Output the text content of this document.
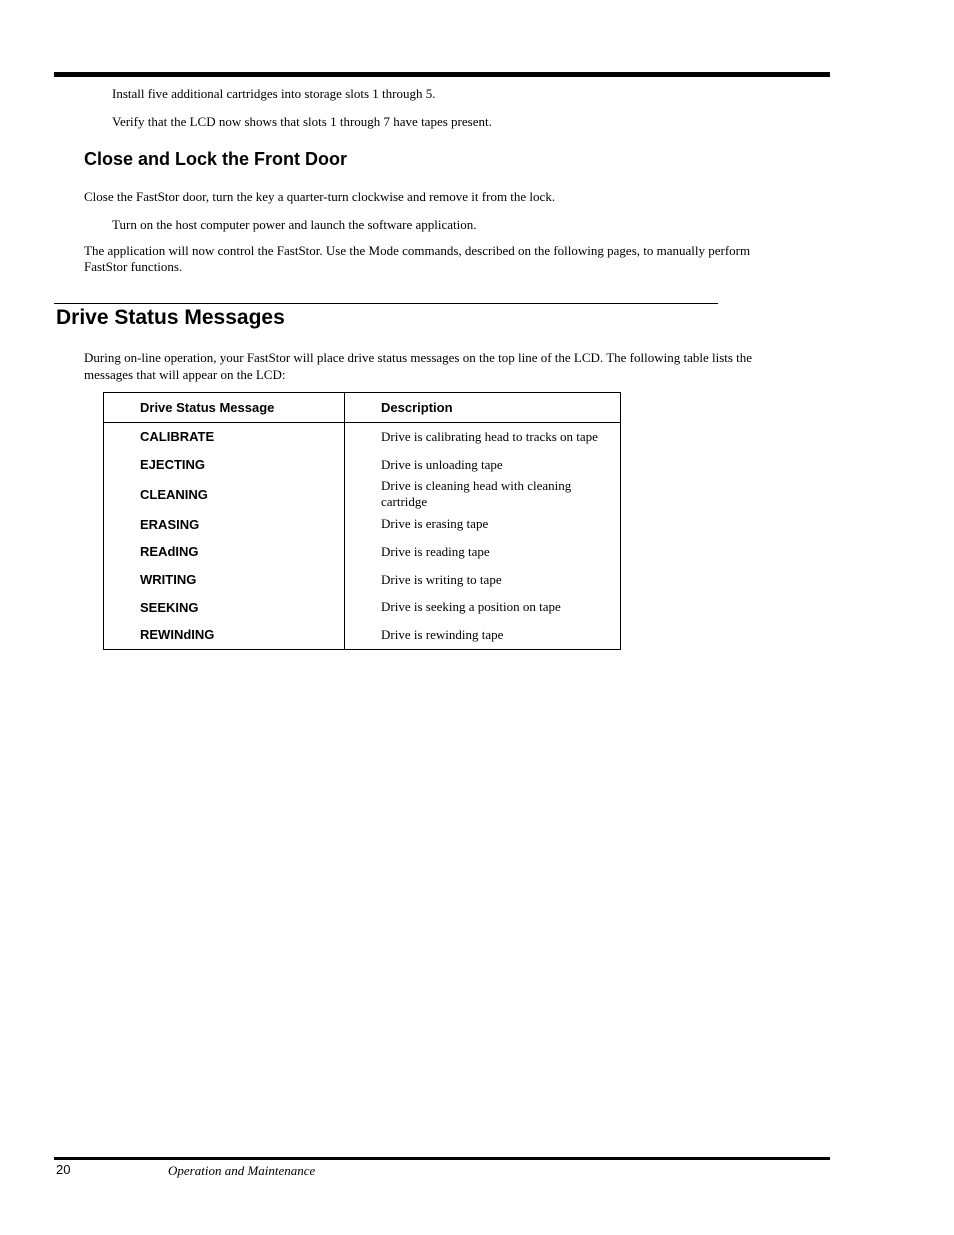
Install five additional cartridges into storage slots 1 through 5.
Verify that the LCD now shows that slots 1 through 7 have tapes present.
Close and Lock the Front Door
Close the FastStor door, turn the key a quarter-turn clockwise and remove it from the lock.
Turn on the host computer power and launch the software application.
The application will now control the FastStor. Use the Mode commands, described on the following pages, to manually perform
FastStor functions.
Drive Status Messages
During on-line operation, your FastStor will place drive status messages on the top line of the LCD. The following table lists the
messages that will appear on the LCD:
Drive Status Message	Description
CALIBRATE	Drive is calibrating head to tracks on tape
EJECTING	Drive is unloading tape
CLEANING	Drive is cleaning head with cleaning cartridge
ERASING	Drive is erasing tape
REAdING	Drive is reading tape
WRITING	Drive is writing to tape
SEEKING	Drive is seeking a position on tape
REWINdING	Drive is rewinding tape
20	Operation and Maintenance
